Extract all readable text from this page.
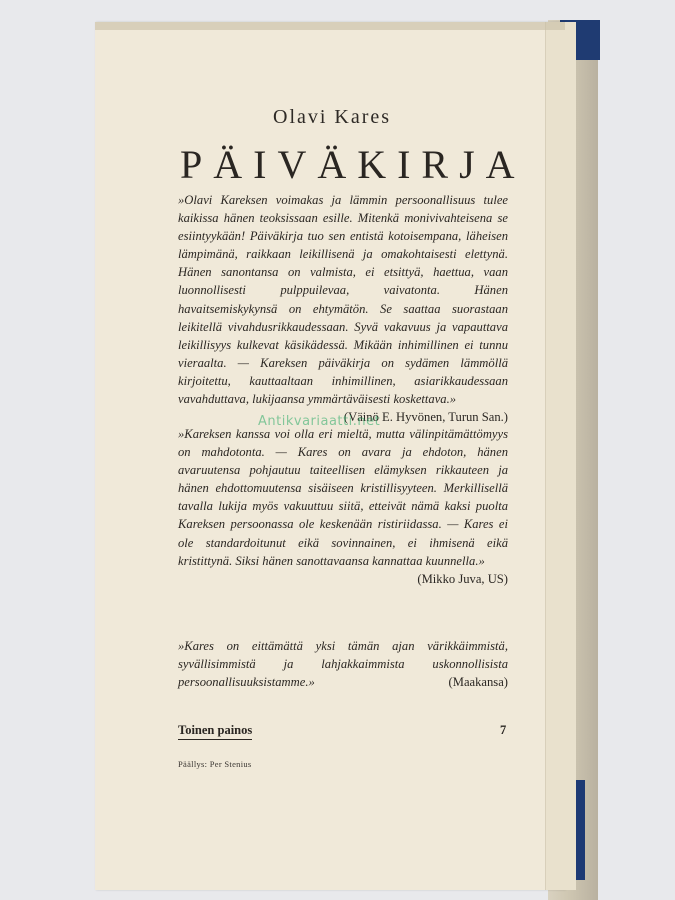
Olavi Kares
PÄIVÄKIRJA
»Olavi Kareksen voimakas ja lämmin persoonallisuus tulee kaikissa hänen teoksissaan esille. Mitenkä monivivahteisena se esiintyykään! Päiväkirja tuo sen entistä kotoisempana, läheisen lämpimänä, raikkaan leikillisenä ja omakohtaisesti elettynä. Hänen sanontansa on valmista, ei etsittyä, haettua, vaan luonnollisesti pulppuilevaa, vaivatonta. Hänen havaitsemiskykynsä on ehtymätön. Se saattaa suorastaan leikitellä vivahdusrikkaudessaan. Syvä vakavuus ja vapauttava leikillisyys kulkevat käsikädessä. Mikään inhimillinen ei tunnu vieraalta. — Kareksen päiväkirja on sydämen lämmöllä kirjoitettu, kauttaaltaan inhimillinen, asiarikkaudessaan vavahduttava, lukijaansa ymmärtäväisesti koskettava.»
(Väinö E. Hyvönen, Turun San.)
»Kareksen kanssa voi olla eri mieltä, mutta välinpitämättömyys on mahdotonta. — Kares on avara ja ehdoton, hänen avaruutensa pohjautuu taiteellisen elämyksen rikkauteen ja hänen ehdottomuutensa sisäiseen kristillisyyteen. Merkillisellä tavalla lukija myös vakuuttuu siitä, etteivät nämä kaksi puolta Kareksen persoonassa ole keskenään ristiriidassa. — Kares ei ole standardoitunut eikä sovinnainen, ei ihmisenä eikä kristittynä. Siksi hänen sanottavaansa kannattaa kuunnella.»
(Mikko Juva, US)
»Kares on eittämättä yksi tämän ajan värikkäimmistä, syvällisimmistä ja lahjakkaimmista uskonnollisista persoonallisuuksistamme.»	(Maakansa)
Toinen painos	7
Päällys: Per Stenius
Antikvariaatti.net
